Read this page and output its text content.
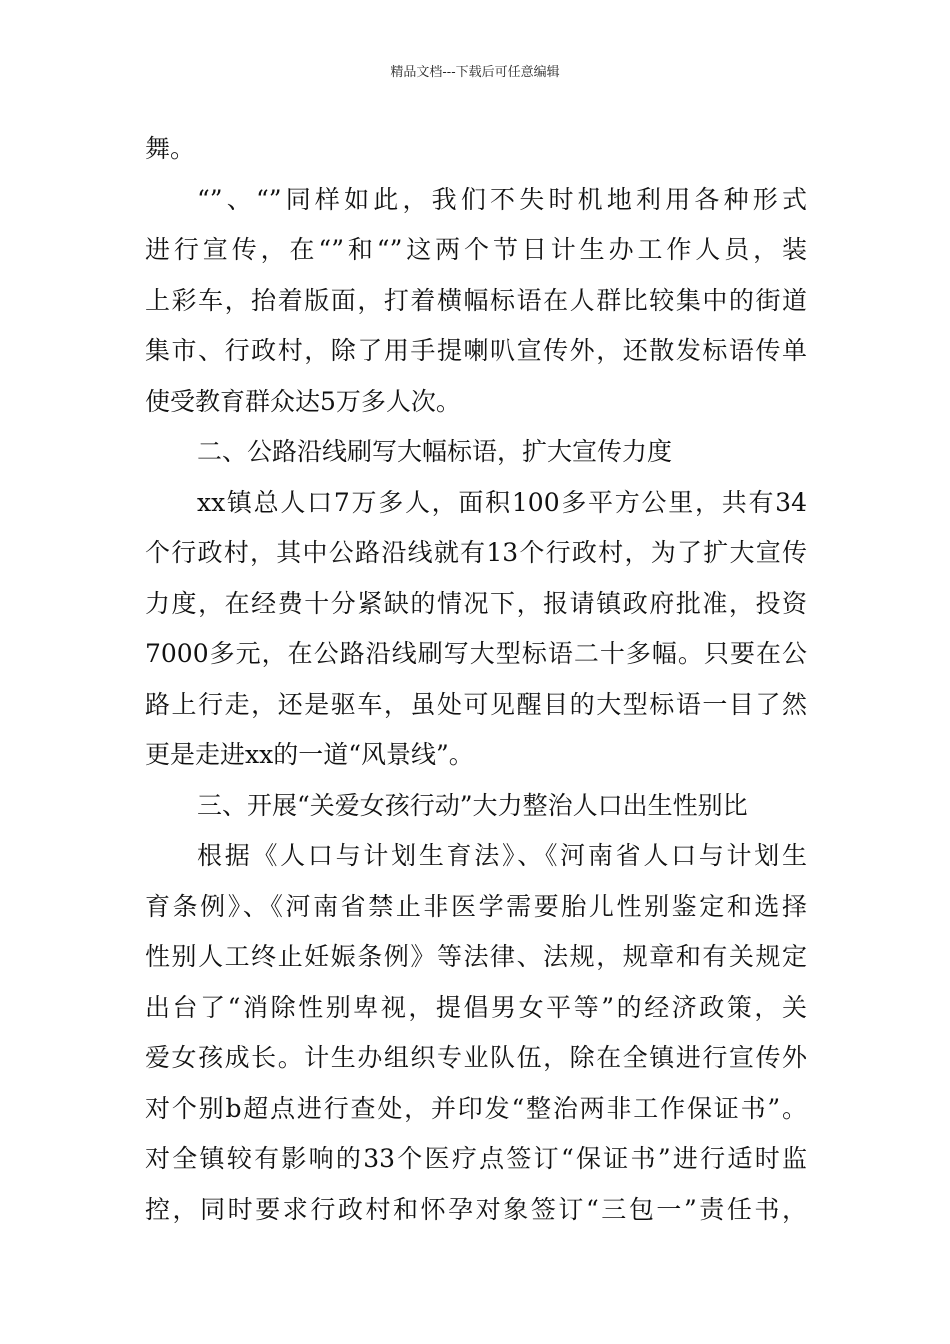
精品文档---下载后可任意编辑
舞。
“”、“”同样如此，我们不失时机地利用各种形式
进行宣传，在“”和“”这两个节日计生办工作人员，装
上彩车，抬着版面，打着横幅标语在人群比较集中的街道
集市、行政村，除了用手提喇叭宣传外，还散发标语传单
使受教育群众达5万多人次。
二、公路沿线刷写大幅标语，扩大宣传力度
xx镇总人口7万多人，面积100多平方公里，共有34
个行政村，其中公路沿线就有13个行政村，为了扩大宣传
力度，在经费十分紧缺的情况下，报请镇政府批准，投资
7000多元，在公路沿线刷写大型标语二十多幅。只要在公
路上行走，还是驱车，虽处可见醒目的大型标语一目了然
更是走进xx的一道“风景线”。
三、开展“关爱女孩行动”大力整治人口出生性别比
根据《人口与计划生育法》、《河南省人口与计划生
育条例》、《河南省禁止非医学需要胎儿性别鉴定和选择
性别人工终止妊娠条例》等法律、法规，规章和有关规定
出台了“消除性别卑视，提倡男女平等”的经济政策，关
爱女孩成长。计生办组织专业队伍，除在全镇进行宣传外
对个别b超点进行查处，并印发“整治两非工作保证书”。
对全镇较有影响的33个医疗点签订“保证书”进行适时监
控，同时要求行政村和怀孕对象签订“三包一”责任书，
